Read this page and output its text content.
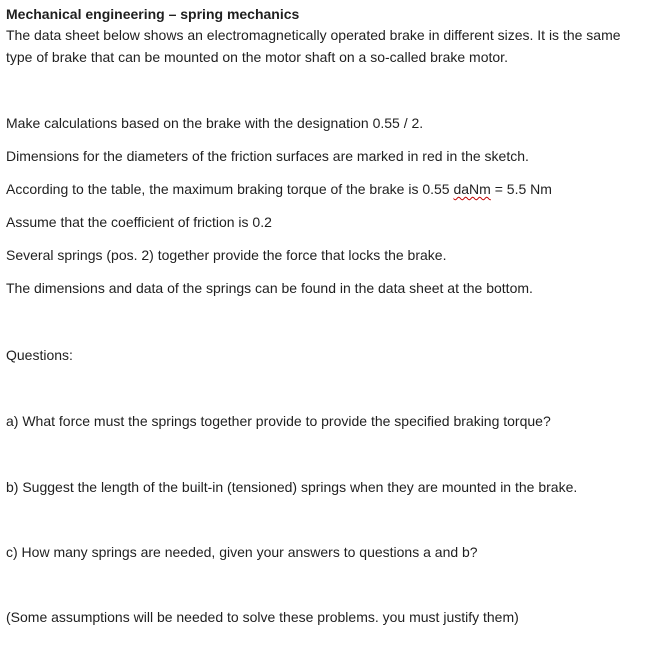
Mechanical engineering – spring mechanics
The data sheet below shows an electromagnetically operated brake in different sizes. It is the same
type of brake that can be mounted on the motor shaft on a so-called brake motor.
Make calculations based on the brake with the designation 0.55 / 2.
Dimensions for the diameters of the friction surfaces are marked in red in the sketch.
According to the table, the maximum braking torque of the brake is 0.55 daNm = 5.5 Nm
Assume that the coefficient of friction is 0.2
Several springs (pos. 2) together provide the force that locks the brake.
The dimensions and data of the springs can be found in the data sheet at the bottom.
Questions:
a) What force must the springs together provide to provide the specified braking torque?
b) Suggest the length of the built-in (tensioned) springs when they are mounted in the brake.
c) How many springs are needed, given your answers to questions a and b?
(Some assumptions will be needed to solve these problems. you must justify them)
